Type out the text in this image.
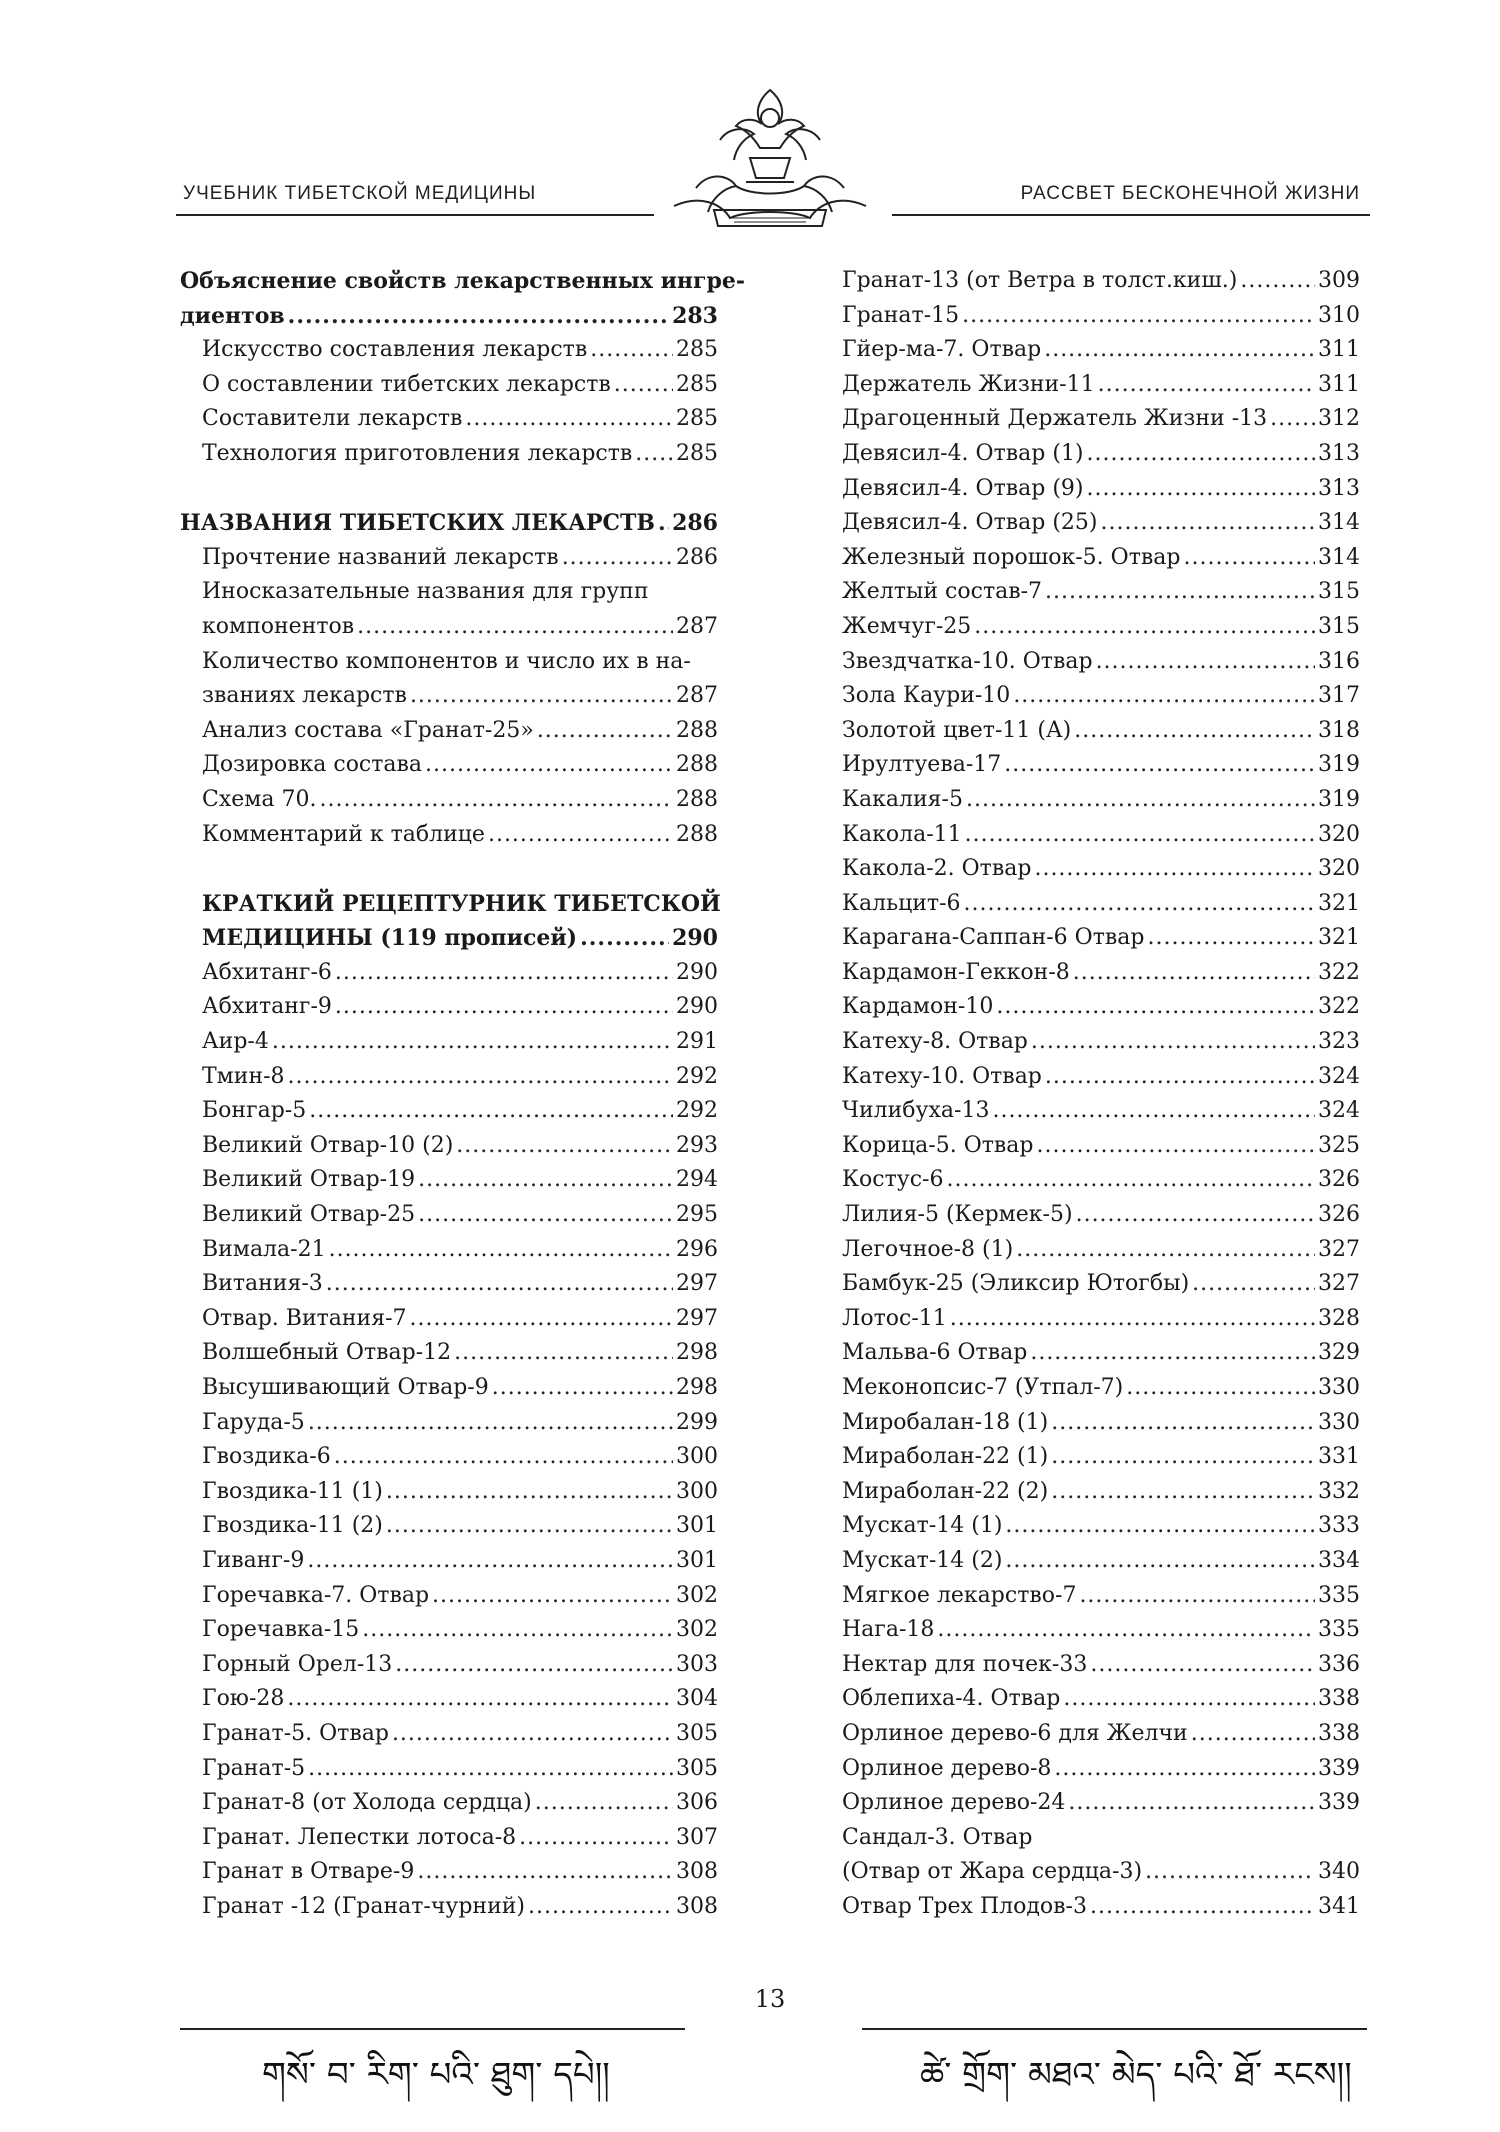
УЧЕБНИК ТИБЕТСКОЙ МЕДИЦИНЫ	РАССВЕТ БЕСКОНЕЧНОЙ ЖИЗНИ
Объяснение свойств лекарственных ингре-
диентов .....	283
Искусство составления лекарств .....	285
О составлении тибетских лекарств .....	285
Составители лекарств .....	285
Технология приготовления лекарств ..... 285
НАЗВАНИЯ ТИБЕТСКИХ ЛЕКАРСТВ ..... 286
Прочтение названий лекарств .....	286
Иносказательные названия для групп
компонентов .....	287
Количество компонентов и число их в на-
званиях лекарств .....	287
Анализ состава «Гранат-25» .....	288
Дозировка состава .....	288
Схема 70. .....	288
Комментарий к таблице .....	288
КРАТКИЙ РЕЦЕПТУРНИК ТИБЕТСКОЙ
МЕДИЦИНЫ (119 прописей) .....	290
Абхитанг-6 .....	290
Абхитанг-9 .....	290
Аир-4 .....	291
Тмин-8 .....	292
Бонгар-5 .....	292
Великий Отвар-10 (2) .....	293
Великий Отвар-19 .....	294
Великий Отвар-25 .....	295
Вимала-21 .....	296
Витания-3 .....	297
Отвар. Витания-7 .....	297
Волшебный Отвар-12 .....	298
Высушивающий Отвар-9 .....	298
Гаруда-5 .....	299
Гвоздика-6 .....	300
Гвоздика-11 (1) .....	300
Гвоздика-11 (2) .....	301
Гиванг-9 .....	301
Горечавка-7. Отвар .....	302
Горечавка-15 .....	302
Горный Орел-13 .....	303
Гою-28 .....	304
Гранат-5. Отвар .....	305
Гранат-5 .....	305
Гранат-8 (от Холода сердца) .....	306
Гранат. Лепестки лотоса-8 .....	307
Гранат в Отваре-9 .....	308
Гранат -12 (Гранат-чурний) .....	308
Гранат-13 (от Ветра в толст.киш.) .....	309
Гранат-15 .....	310
Гйер-ма-7. Отвар .....	311
Держатель Жизни-11 .....	311
Драгоценный Держатель Жизни -13 ..... 312
Девясил-4. Отвар (1) .....	313
Девясил-4. Отвар (9) .....	313
Девясил-4. Отвар (25) .....	314
Железный порошок-5. Отвар .....	314
Желтый состав-7 .....	315
Жемчуг-25 .....	315
Звездчатка-10. Отвар .....	316
Зола Каури-10 .....	317
Золотой цвет-11 (А) .....	318
Ирултуева-17 .....	319
Какалия-5 .....	319
Какола-11 .....	320
Какола-2. Отвар .....	320
Кальцит-6 .....	321
Карагана-Саппан-6 Отвар .....	321
Кардамон-Геккон-8 .....	322
Кардамон-10 .....	322
Катеху-8. Отвар .....	323
Катеху-10. Отвар .....	324
Чилибуха-13 .....	324
Корица-5. Отвар .....	325
Костус-6 .....	326
Лилия-5 (Кермек-5) .....	326
Легочное-8 (1) .....	327
Бамбук-25 (Эликсир Ютогбы) .....	327
Лотос-11 .....	328
Мальва-6 Отвар .....	329
Меконопсис-7 (Утпал-7) .....	330
Миробалан-18 (1) .....	330
Мираболан-22 (1) .....	331
Мираболан-22 (2) .....	332
Мускат-14 (1) .....	333
Мускат-14 (2) .....	334
Мягкое лекарство-7 .....	335
Нага-18 .....	335
Нектар для почек-33 .....	336
Облепиха-4. Отвар .....	338
Орлиное дерево-6 для Желчи .....	338
Орлиное дерево-8 .....	339
Орлиное дерево-24 .....	339
Сандал-3. Отвар
(Отвар от Жара сердца-3) .....	340
Отвар Трех Плодов-3 .....	341
13
གསོ་ བ་ རིག་ པའི་ ཐུག་ དཔེ།།	ཚེ་ གྲོག་ མཐའ་ མེད་ པའི་ ཐོ་ རངས།།
